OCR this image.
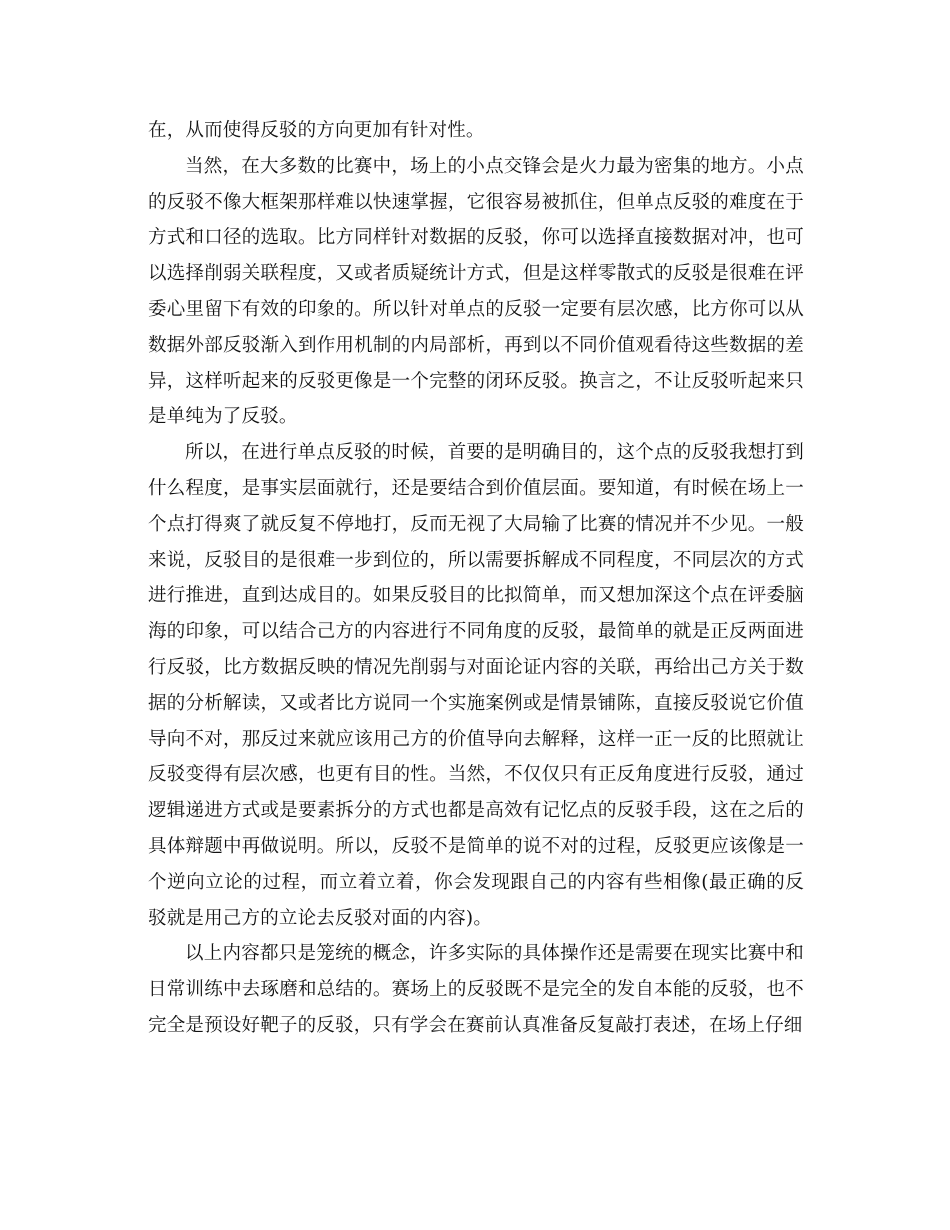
在，从而使得反驳的方向更加有针对性。

当然，在大多数的比赛中，场上的小点交锋会是火力最为密集的地方。小点的反驳不像大框架那样难以快速掌握，它很容易被抓住，但单点反驳的难度在于方式和口径的选取。比方同样针对数据的反驳，你可以选择直接数据对冲，也可以选择削弱关联程度，又或者质疑统计方式，但是这样零散式的反驳是很难在评委心里留下有效的印象的。所以针对单点的反驳一定要有层次感，比方你可以从数据外部反驳渐入到作用机制的内局部析，再到以不同价值观看待这些数据的差异，这样听起来的反驳更像是一个完整的闭环反驳。换言之，不让反驳听起来只是单纯为了反驳。

所以，在进行单点反驳的时候，首要的是明确目的，这个点的反驳我想打到什么程度，是事实层面就行，还是要结合到价值层面。要知道，有时候在场上一个点打得爽了就反复不停地打，反而无视了大局输了比赛的情况并不少见。一般来说，反驳目的是很难一步到位的，所以需要拆解成不同程度，不同层次的方式进行推进，直到达成目的。如果反驳目的比拟简单，而又想加深这个点在评委脑海的印象，可以结合己方的内容进行不同角度的反驳，最简单的就是正反两面进行反驳，比方数据反映的情况先削弱与对面论证内容的关联，再给出己方关于数据的分析解读，又或者比方说同一个实施案例或是情景铺陈，直接反驳说它价值导向不对，那反过来就应该用己方的价值导向去解释，这样一正一反的比照就让反驳变得有层次感，也更有目的性。当然，不仅仅只有正反角度进行反驳，通过逻辑递进方式或是要素拆分的方式也都是高效有记忆点的反驳手段，这在之后的具体辩题中再做说明。所以，反驳不是简单的说不对的过程，反驳更应该像是一个逆向立论的过程，而立着立着，你会发现跟自己的内容有些相像(最正确的反驳就是用己方的立论去反驳对面的内容)。

以上内容都只是笼统的概念，许多实际的具体操作还是需要在现实比赛中和日常训练中去琢磨和总结的。赛场上的反驳既不是完全的发自本能的反驳，也不完全是预设好靶子的反驳，只有学会在赛前认真准备反复敲打表述，在场上仔细
